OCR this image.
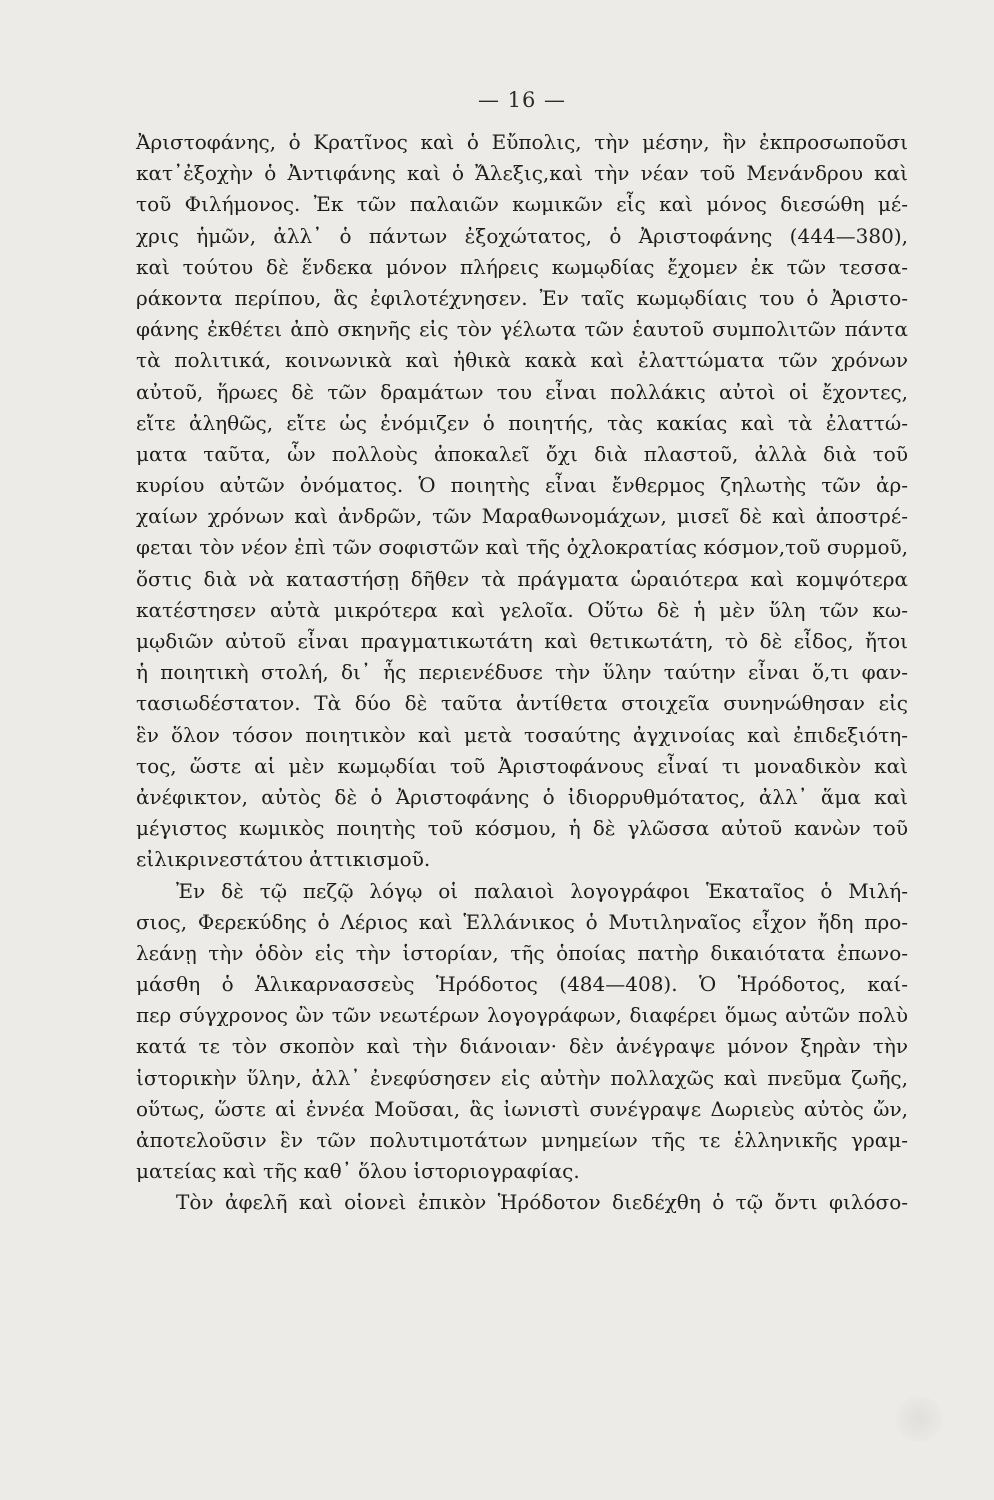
— 16 —
Ἀριστοφάνης, ὁ Κρατῖνος καὶ ὁ Εὔπολις, τὴν μέσην, ἣν ἐκπροσωποῦσι
κατ᾿ἐξοχὴν ὁ Ἀντιφάνης καὶ ὁ Ἄλεξις,καὶ τὴν νέαν τοῦ Μενάνδρου καὶ
τοῦ Φιλήμονος. Ἐκ τῶν παλαιῶν κωμικῶν εἷς καὶ μόνος διεσώθη μέ-
χρις ἡμῶν, ἀλλ᾿ ὁ πάντων ἐξοχώτατος, ὁ Ἀριστοφάνης (444—380),
καὶ τούτου δὲ ἕνδεκα μόνον πλήρεις κωμῳδίας ἔχομεν ἐκ τῶν τεσσα-
ράκοντα περίπου, ἃς ἐφιλοτέχνησεν. Ἐν ταῖς κωμῳδίαις του ὁ Ἀριστο-
φάνης ἐκθέτει ἀπὸ σκηνῆς εἰς τὸν γέλωτα τῶν ἑαυτοῦ συμπολιτῶν πάντα
τὰ πολιτικά, κοινωνικὰ καὶ ἠθικὰ κακὰ καὶ ἐλαττώματα τῶν χρόνων
αὐτοῦ, ἥρωες δὲ τῶν δραμάτων του εἶναι πολλάκις αὐτοὶ οἱ ἔχοντες,
εἴτε ἀληθῶς, εἴτε ὡς ἐνόμιζεν ὁ ποιητής, τὰς κακίας καὶ τὰ ἐλαττώ-
ματα ταῦτα, ὧν πολλοὺς ἀποκαλεῖ ὄχι διὰ πλαστοῦ, ἀλλὰ διὰ τοῦ
κυρίου αὐτῶν ὀνόματος. Ὁ ποιητὴς εἶναι ἔνθερμος ζηλωτὴς τῶν ἀρ-
χαίων χρόνων καὶ ἀνδρῶν, τῶν Μαραθωνομάχων, μισεῖ δὲ καὶ ἀποστρέ-
φεται τὸν νέον ἐπὶ τῶν σοφιστῶν καὶ τῆς ὀχλοκρατίας κόσμον,τοῦ συρμοῦ,
ὅστις διὰ νὰ καταστήσῃ δῆθεν τὰ πράγματα ὡραιότερα καὶ κομψότερα
κατέστησεν αὐτὰ μικρότερα καὶ γελοῖα. Οὕτω δὲ ἡ μὲν ὕλη τῶν κω-
μῳδιῶν αὐτοῦ εἶναι πραγματικωτάτη καὶ θετικωτάτη, τὸ δὲ εἶδος, ἤτοι
ἡ ποιητικὴ στολή, δι᾿ ἧς περιενέδυσε τὴν ὕλην ταύτην εἶναι ὅ,τι φαν-
τασιωδέστατον. Τὰ δύο δὲ ταῦτα ἀντίθετα στοιχεῖα συνηνώθησαν εἰς
ἓν ὅλον τόσον ποιητικὸν καὶ μετὰ τοσαύτης ἀγχινοίας καὶ ἐπιδεξιότη-
τος, ὥστε αἱ μὲν κωμῳδίαι τοῦ Ἀριστοφάνους εἶναί τι μοναδικὸν καὶ
ἀνέφικτον, αὐτὸς δὲ ὁ Ἀριστοφάνης ὁ ἰδιορρυθμότατος, ἀλλ᾿ ἅμα καὶ
μέγιστος κωμικὸς ποιητὴς τοῦ κόσμου, ἡ δὲ γλῶσσα αὐτοῦ κανὼν τοῦ
εἰλικρινεστάτου ἀττικισμοῦ.
Ἐν δὲ τῷ πεζῷ λόγῳ οἱ παλαιοὶ λογογράφοι Ἑκαταῖος ὁ Μιλή-
σιος, Φερεκύδης ὁ Λέριος καὶ Ἑλλάνικος ὁ Μυτιληναῖος εἶχον ἤδη προ-
λεάνῃ τὴν ὁδὸν εἰς τὴν ἱστορίαν, τῆς ὁποίας πατὴρ δικαιότατα ἐπωνο-
μάσθη ὁ Ἁλικαρνασσεὺς Ἡρόδοτος (484—408). Ὁ Ἡρόδοτος, καί-
περ σύγχρονος ὢν τῶν νεωτέρων λογογράφων, διαφέρει ὅμως αὐτῶν πολὺ
κατά τε τὸν σκοπὸν καὶ τὴν διάνοιαν· δὲν ἀνέγραψε μόνον ξηρὰν τὴν
ἱστορικὴν ὕλην, ἀλλ᾿ ἐνεφύσησεν εἰς αὐτὴν πολλαχῶς καὶ πνεῦμα ζωῆς,
οὕτως, ὥστε αἱ ἐννέα Μοῦσαι, ἃς ἰωνιστὶ συνέγραψε Δωριεὺς αὐτὸς ὤν,
ἀποτελοῦσιν ἓν τῶν πολυτιμοτάτων μνημείων τῆς τε ἑλληνικῆς γραμ-
ματείας καὶ τῆς καθ᾿ ὅλου ἱστοριογραφίας.
Τὸν ἀφελῆ καὶ οἱονεὶ ἐπικὸν Ἡρόδοτον διεδέχθη ὁ τῷ ὄντι φιλόσο-
